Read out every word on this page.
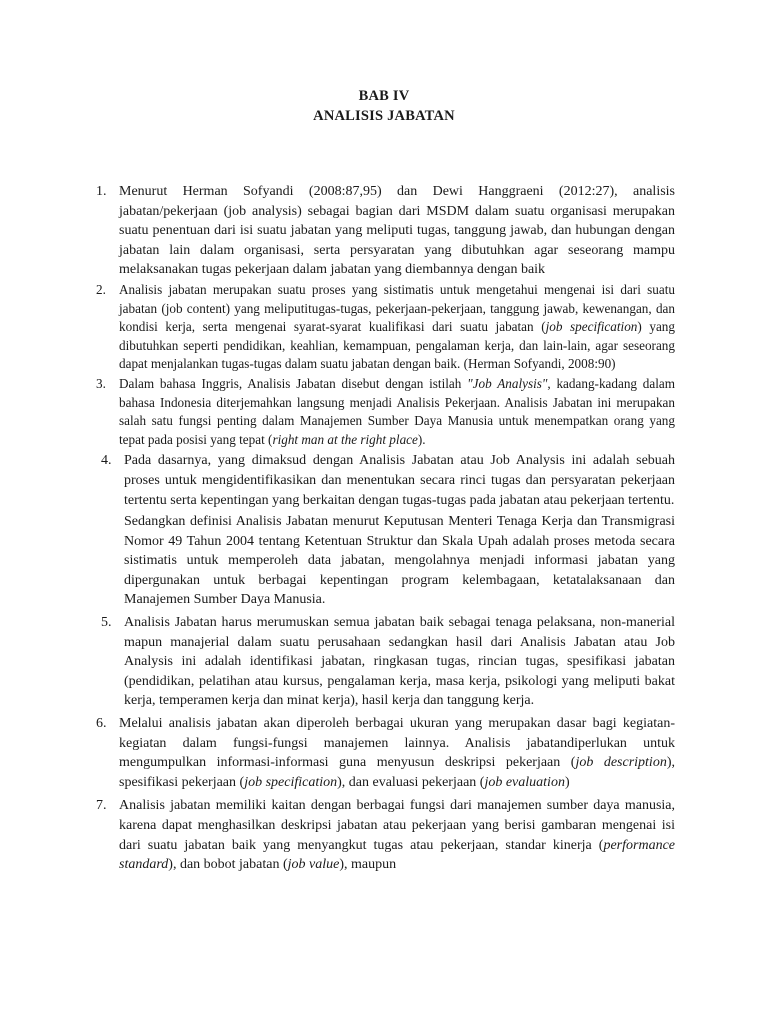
BAB IV
ANALISIS JABATAN
1. Menurut Herman Sofyandi (2008:87,95) dan Dewi Hanggraeni (2012:27), analisis jabatan/pekerjaan (job analysis) sebagai bagian dari MSDM dalam suatu organisasi merupakan suatu penentuan dari isi suatu jabatan yang meliputi tugas, tanggung jawab, dan hubungan dengan jabatan lain dalam organisasi, serta persyaratan yang dibutuhkan agar seseorang mampu melaksanakan tugas pekerjaan dalam jabatan yang diembannya dengan baik
2. Analisis jabatan merupakan suatu proses yang sistimatis untuk mengetahui mengenai isi dari suatu jabatan (job content) yang meliputitugas-tugas, pekerjaan-pekerjaan, tanggung jawab, kewenangan, dan kondisi kerja, serta mengenai syarat-syarat kualifikasi dari suatu jabatan (job specification) yang dibutuhkan seperti pendidikan, keahlian, kemampuan, pengalaman kerja, dan lain-lain, agar seseorang dapat menjalankan tugas-tugas dalam suatu jabatan dengan baik. (Herman Sofyandi, 2008:90)
3. Dalam bahasa Inggris, Analisis Jabatan disebut dengan istilah "Job Analysis", kadang-kadang dalam bahasa Indonesia diterjemahkan langsung menjadi Analisis Pekerjaan. Analisis Jabatan ini merupakan salah satu fungsi penting dalam Manajemen Sumber Daya Manusia untuk menempatkan orang yang tepat pada posisi yang tepat (right man at the right place).
4. Pada dasarnya, yang dimaksud dengan Analisis Jabatan atau Job Analysis ini adalah sebuah proses untuk mengidentifikasikan dan menentukan secara rinci tugas dan persyaratan pekerjaan tertentu serta kepentingan yang berkaitan dengan tugas-tugas pada jabatan atau pekerjaan tertentu.

Sedangkan definisi Analisis Jabatan menurut Keputusan Menteri Tenaga Kerja dan Transmigrasi Nomor 49 Tahun 2004 tentang Ketentuan Struktur dan Skala Upah adalah proses metoda secara sistimatis untuk memperoleh data jabatan, mengolahnya menjadi informasi jabatan yang dipergunakan untuk berbagai kepentingan program kelembagaan, ketatalaksanaan dan Manajemen Sumber Daya Manusia.

5. Analisis Jabatan harus merumuskan semua jabatan baik sebagai tenaga pelaksana, non-manerial mapun manajerial dalam suatu perusahaan sedangkan hasil dari Analisis Jabatan atau Job Analysis ini adalah identifikasi jabatan, ringkasan tugas, rincian tugas, spesifikasi jabatan (pendidikan, pelatihan atau kursus, pengalaman kerja, masa kerja, psikologi yang meliputi bakat kerja, temperamen kerja dan minat kerja), hasil kerja dan tanggung kerja.
6. Melalui analisis jabatan akan diperoleh berbagai ukuran yang merupakan dasar bagi kegiatan-kegiatan dalam fungsi-fungsi manajemen lainnya. Analisis jabatandiperlukan untuk mengumpulkan informasi-informasi guna menyusun deskripsi pekerjaan (job description), spesifikasi pekerjaan (job specification), dan evaluasi pekerjaan (job evaluation)
7. Analisis jabatan memiliki kaitan dengan berbagai fungsi dari manajemen sumber daya manusia, karena dapat menghasilkan deskripsi jabatan atau pekerjaan yang berisi gambaran mengenai isi dari suatu jabatan baik yang menyangkut tugas atau pekerjaan, standar kinerja (performance standard), dan bobot jabatan (job value), maupun
